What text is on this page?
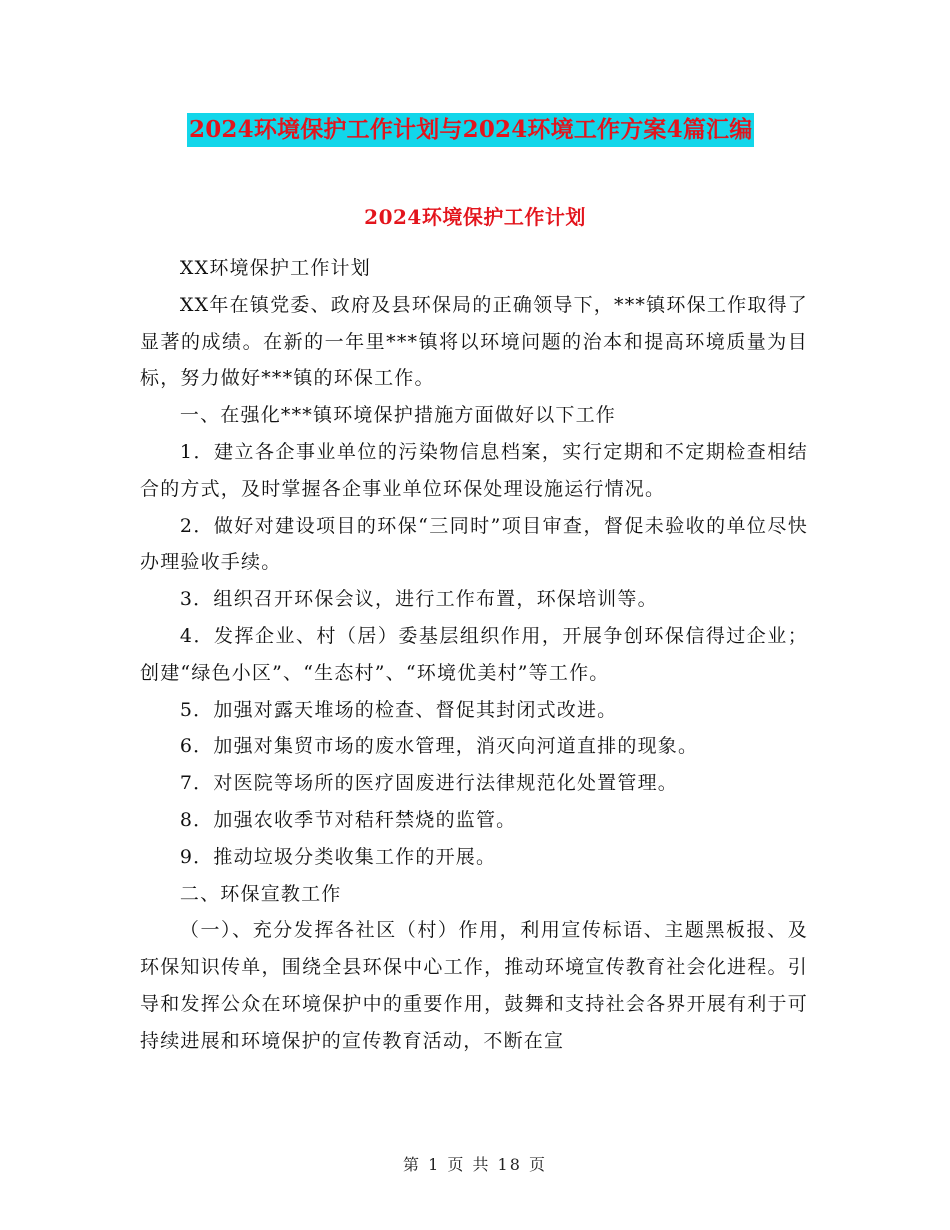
2024环境保护工作计划与2024环境工作方案4篇汇编
2024环境保护工作计划

XX环境保护工作计划

XX年在镇党委、政府及县环保局的正确领导下，***镇环保工作取得了显著的成绩。在新的一年里***镇将以环境问题的治本和提高环境质量为目标，努力做好***镇的环保工作。

一、在强化***镇环境保护措施方面做好以下工作

1．建立各企事业单位的污染物信息档案，实行定期和不定期检查相结合的方式，及时掌握各企事业单位环保处理设施运行情况。

2．做好对建设项目的环保“三同时”项目审查，督促未验收的单位尽快办理验收手续。

3．组织召开环保会议，进行工作布置，环保培训等。

4．发挥企业、村（居）委基层组织作用，开展争创环保信得过企业；创建“绿色小区”、“生态村”、“环境优美村”等工作。

5．加强对露天堆场的检查、督促其封闭式改进。

6．加强对集贸市场的废水管理，消灭向河道直排的现象。

7．对医院等场所的医疗固废进行法律规范化处置管理。

8．加强农收季节对秸秆禁烧的监管。

9．推动垃圾分类收集工作的开展。

二、环保宣教工作

（一）、充分发挥各社区（村）作用，利用宣传标语、主题黑板报、及环保知识传单，围绕全县环保中心工作，推动环境宣传教育社会化进程。引导和发挥公众在环境保护中的重要作用，鼓舞和支持社会各界开展有利于可持续进展和环境保护的宣传教育活动，不断在宣

第 1 页 共 18 页
